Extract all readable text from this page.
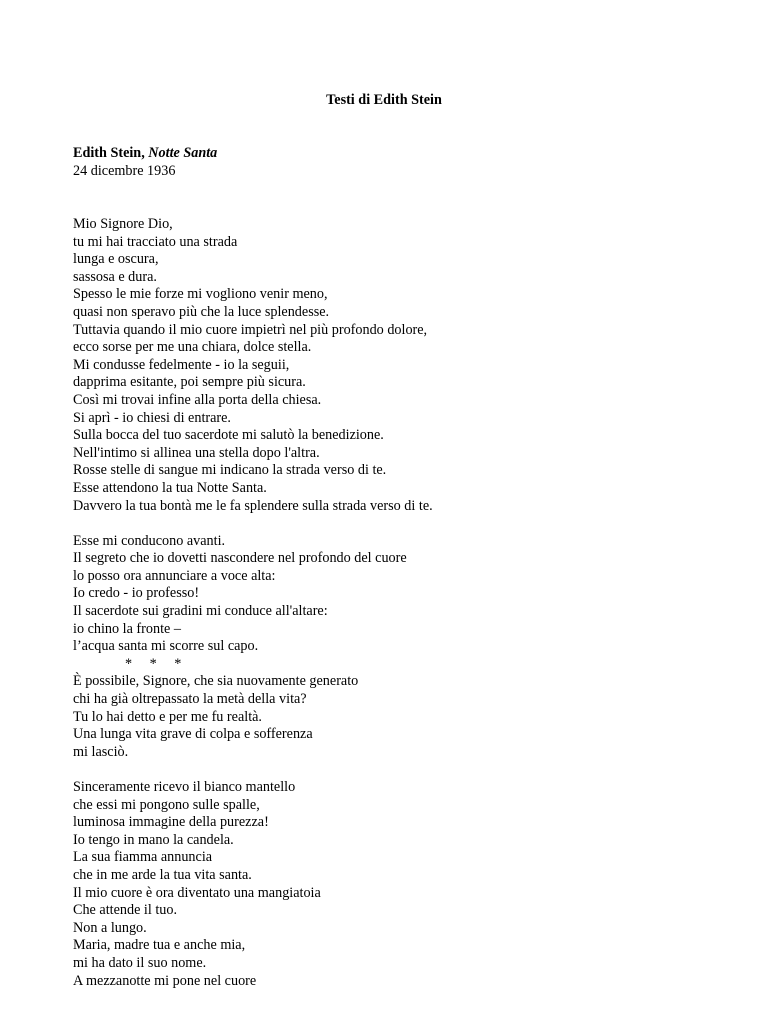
Testi di Edith Stein
Edith Stein, Notte Santa
24 dicembre 1936
Mio Signore Dio,
tu mi hai tracciato una strada
lunga e oscura,
sassosa e dura.
Spesso le mie forze mi vogliono venir meno,
quasi non speravo più che la luce splendesse.
Tuttavia quando il mio cuore impietrì nel più profondo dolore,
ecco sorse per me una chiara, dolce stella.
Mi condusse fedelmente - io la seguii,
dapprima esitante, poi sempre più sicura.
Così mi trovai infine alla porta della chiesa.
Si aprì - io chiesi di entrare.
Sulla bocca del tuo sacerdote mi salutò la benedizione.
Nell'intimo si allinea una stella dopo l'altra.
Rosse stelle di sangue mi indicano la strada verso di te.
Esse attendono la tua Notte Santa.
Davvero la tua bontà me le fa splendere sulla strada verso di te.
Esse mi conducono avanti.
Il segreto che io dovetti nascondere nel profondo del cuore
lo posso ora annunciare a voce alta:
Io credo - io professo!
Il sacerdote sui gradini mi conduce all'altare:
io chino la fronte –
l’acqua santa mi scorre sul capo.
* * *
È possibile, Signore, che sia nuovamente generato
chi ha già oltrepassato la metà della vita?
Tu lo hai detto e per me fu realtà.
Una lunga vita grave di colpa e sofferenza
mi lasciò.
Sinceramente ricevo il bianco mantello
che essi mi pongono sulle spalle,
luminosa immagine della purezza!
Io tengo in mano la candela.
La sua fiamma annuncia
che in me arde la tua vita santa.
Il mio cuore è ora diventato una mangiatoia
Che attende il tuo.
Non a lungo.
Maria, madre tua e anche mia,
mi ha dato il suo nome.
A mezzanotte mi pone nel cuore
